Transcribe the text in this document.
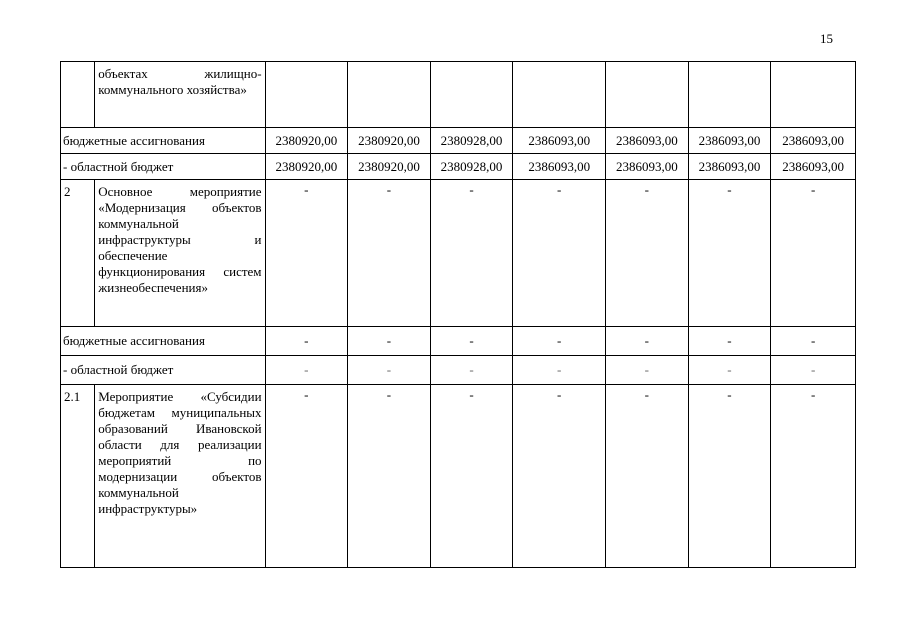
15
	объектах жилищно-коммунального хозяйства»							
бюджетные ассигнования		2380920,00	2380920,00	2380928,00	2386093,00	2386093,00	2386093,00	2386093,00
- областной бюджет		2380920,00	2380920,00	2380928,00	2386093,00	2386093,00	2386093,00	2386093,00
2	Основное мероприятие «Модернизация объектов коммунальной инфраструктуры и обеспечение функционирования систем жизнеобеспечения»	-	-	-	-	-	-	-
бюджетные ассигнования		-	-	-	-	-	-	-
- областной бюджет		-	-	-	-	-	-	-
2.1	Мероприятие «Субсидии бюджетам муниципальных образований Ивановской области для реализации мероприятий по модернизации объектов коммунальной инфраструктуры»	-	-	-	-	-	-	-
